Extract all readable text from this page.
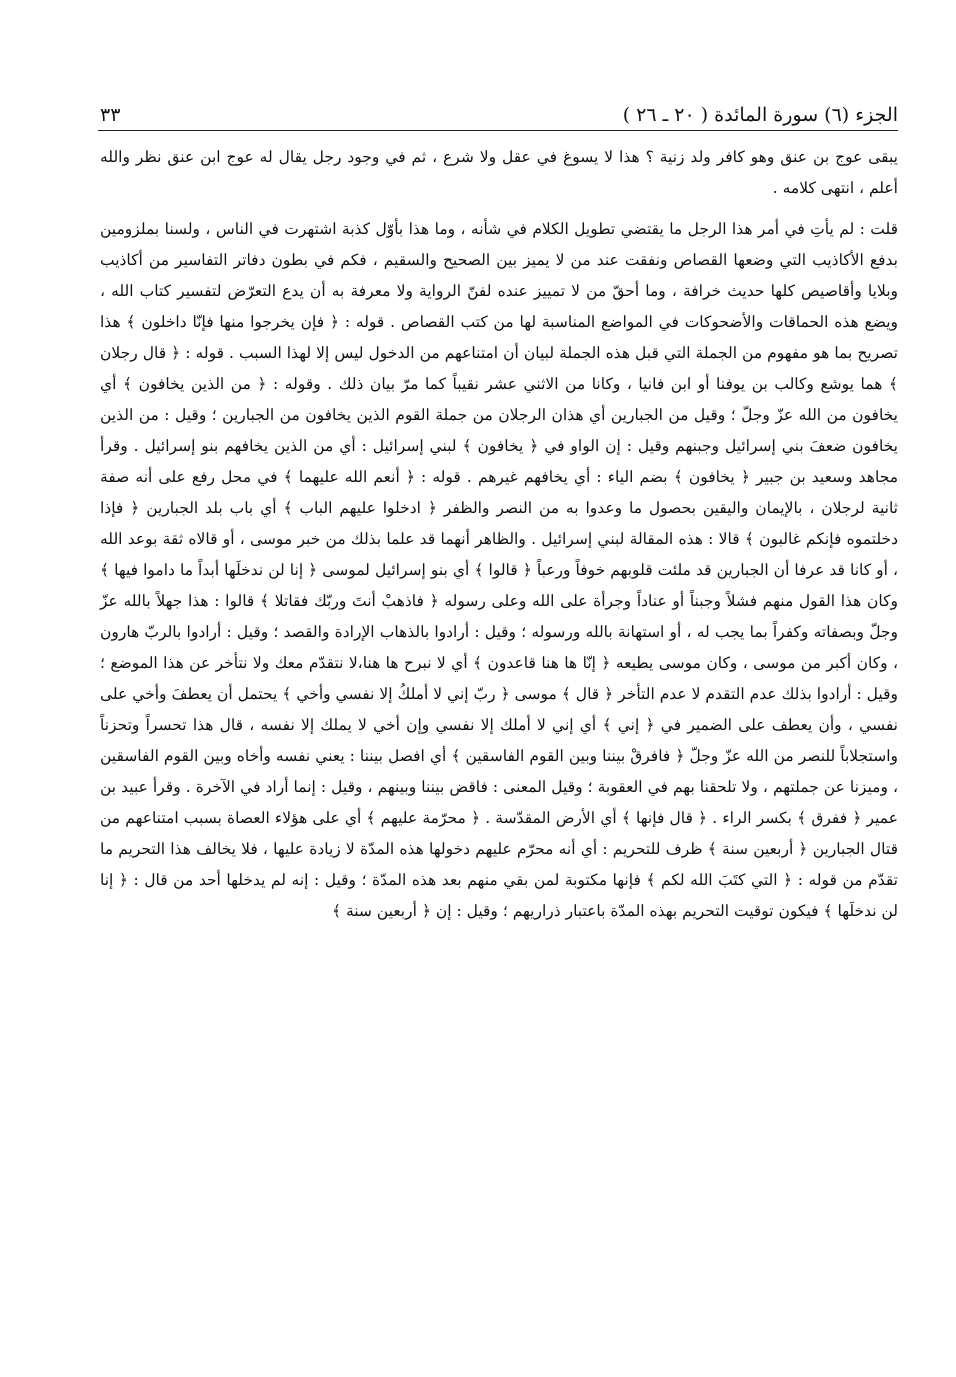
الجزء (٦) سورة المائدة ( ٢٠ ـ ٢٦ )
٣٣

يبقى عوج بن عنق وهو كافر ولد زنية ؟ هذا لا يسوغ في عقل ولا شرع ، ثم في وجود رجل يقال له عوج ابن عنق نظر والله أعلم ، انتهى كلامه .

قلت : لم يأتِ في أمر هذا الرجل ما يقتضي تطويل الكلام في شأنه ، وما هذا بأوّل كذبة اشتهرت في الناس ، ولسنا بملزومين بدفع الأكاذيب التي وضعها القصاص ونفقت عند من لا يميز بين الصحيح والسقيم ، فكم في بطون دفاتر التفاسير من أكاذيب وبلايا وأقاصيص كلها حديث خرافة ، وما أحقّ من لا تمييز عنده لفنّ الرواية ولا معرفة به أن يدع التعرّض لتفسير كتاب الله ، ويضع هذه الحماقات والأضحوكات في المواضع المناسبة لها من كتب القصاص . قوله : ﴿ فإن يخرجوا منها فإنّا داخلون ﴾ هذا تصريح بما هو مفهوم من الجملة التي قبل هذه الجملة لبيان أن امتناعهم من الدخول ليس إلا لهذا السبب . قوله : ﴿ قال رجلان ﴾ هما يوشع وكالب بن يوفنا أو ابن فانيا ، وكانا من الاثني عشر نقيباً كما مرّ بيان ذلك . وقوله : ﴿ من الذين يخافون ﴾ أي يخافون من الله عزّ وجلّ ؛ وقيل من الجبارين أي هذان الرجلان من جملة القوم الذين يخافون من الجبارين ؛ وقيل : من الذين يخافون ضعفَ بني إسرائيل وجبنهم وقيل : إن الواو في ﴿ يخافون ﴾ لبني إسرائيل : أي من الذين يخافهم بنو إسرائيل . وقرأ مجاهد وسعيد بن جبير ﴿ يخافون ﴾ بضم الياء : أي يخافهم غيرهم . قوله : ﴿ أنعم الله عليهما ﴾ في محل رفع على أنه صفة ثانية لرجلان ، بالإيمان واليقين بحصول ما وعدوا به من النصر والظفر ﴿ ادخلوا عليهم الباب ﴾ أي باب بلد الجبارين ﴿ فإذا دخلتموه فإنكم غالبون ﴾ قالا : هذه المقالة لبني إسرائيل . والظاهر أنهما قد علما بذلك من خبر موسى ، أو قالاه ثقة بوعد الله ، أو كانا قد عرفا أن الجبارين قد ملئت قلوبهم خوفاً ورعباً ﴿ قالوا ﴾ أي بنو إسرائيل لموسى ﴿ إنا لن ندخلَها أبداً ما داموا فيها ﴾ وكان هذا القول منهم فشلاً وجبناً أو عناداً وجرأة على الله وعلى رسوله ﴿ فاذهبْ أنتَ وربّك فقاتلا ﴾ قالوا : هذا جهلاً بالله عزّ وجلّ وبصفاته وكفراً بما يجب له ، أو استهانة بالله ورسوله ؛ وقيل : أرادوا بالذهاب الإرادة والقصد ؛ وقيل : أرادوا بالربّ هارون ، وكان أكبر من موسى ، وكان موسى يطيعه ﴿ إنّا ها هنا قاعدون ﴾ أي لا نبرح ها هنا،لا نتقدّم معك ولا نتأخر عن هذا الموضع ؛ وقيل : أرادوا بذلك عدم التقدم لا عدم التأخر ﴿ قال ﴾ موسى ﴿ ربّ إني لا أملكُ إلا نفسي وأخي ﴾ يحتمل أن يعطفَ وأخي على نفسي ، وأن يعطف على الضمير في ﴿ إني ﴾ أي إني لا أملك إلا نفسي وإن أخي لا يملك إلا نفسه ، قال هذا تحسراً وتحزناً واستجلاباً للنصر من الله عزّ وجلّ ﴿ فافرقْ بيننا وبين القوم الفاسقين ﴾ أي افصل بيننا : يعني نفسه وأخاه وبين القوم الفاسقين ، وميزنا عن جملتهم ، ولا تلحقنا بهم في العقوبة ؛ وقيل المعنى : فاقض بيننا وبينهم ، وقيل : إنما أراد في الآخرة . وقرأ عبيد بن عمير ﴿ ففرق ﴾ بكسر الراء . ﴿ قال فإنها ﴾ أي الأرض المقدّسة . ﴿ محرّمة عليهم ﴾ أي على هؤلاء العصاة بسبب امتناعهم من قتال الجبارين ﴿ أربعين سنة ﴾ ظرف للتحريم : أي أنه محرّم عليهم دخولها هذه المدّة لا زيادة عليها ، فلا يخالف هذا التحريم ما تقدّم من قوله : ﴿ التي كتَبَ الله لكم ﴾ فإنها مكتوبة لمن بقي منهم بعد هذه المدّة ؛ وقيل : إنه لم يدخلها أحد من قال : ﴿ إنا لن ندخلَها ﴾ فيكون توقيت التحريم بهذه المدّة باعتبار ذراريهم ؛ وقيل : إن ﴿ أربعين سنة ﴾
